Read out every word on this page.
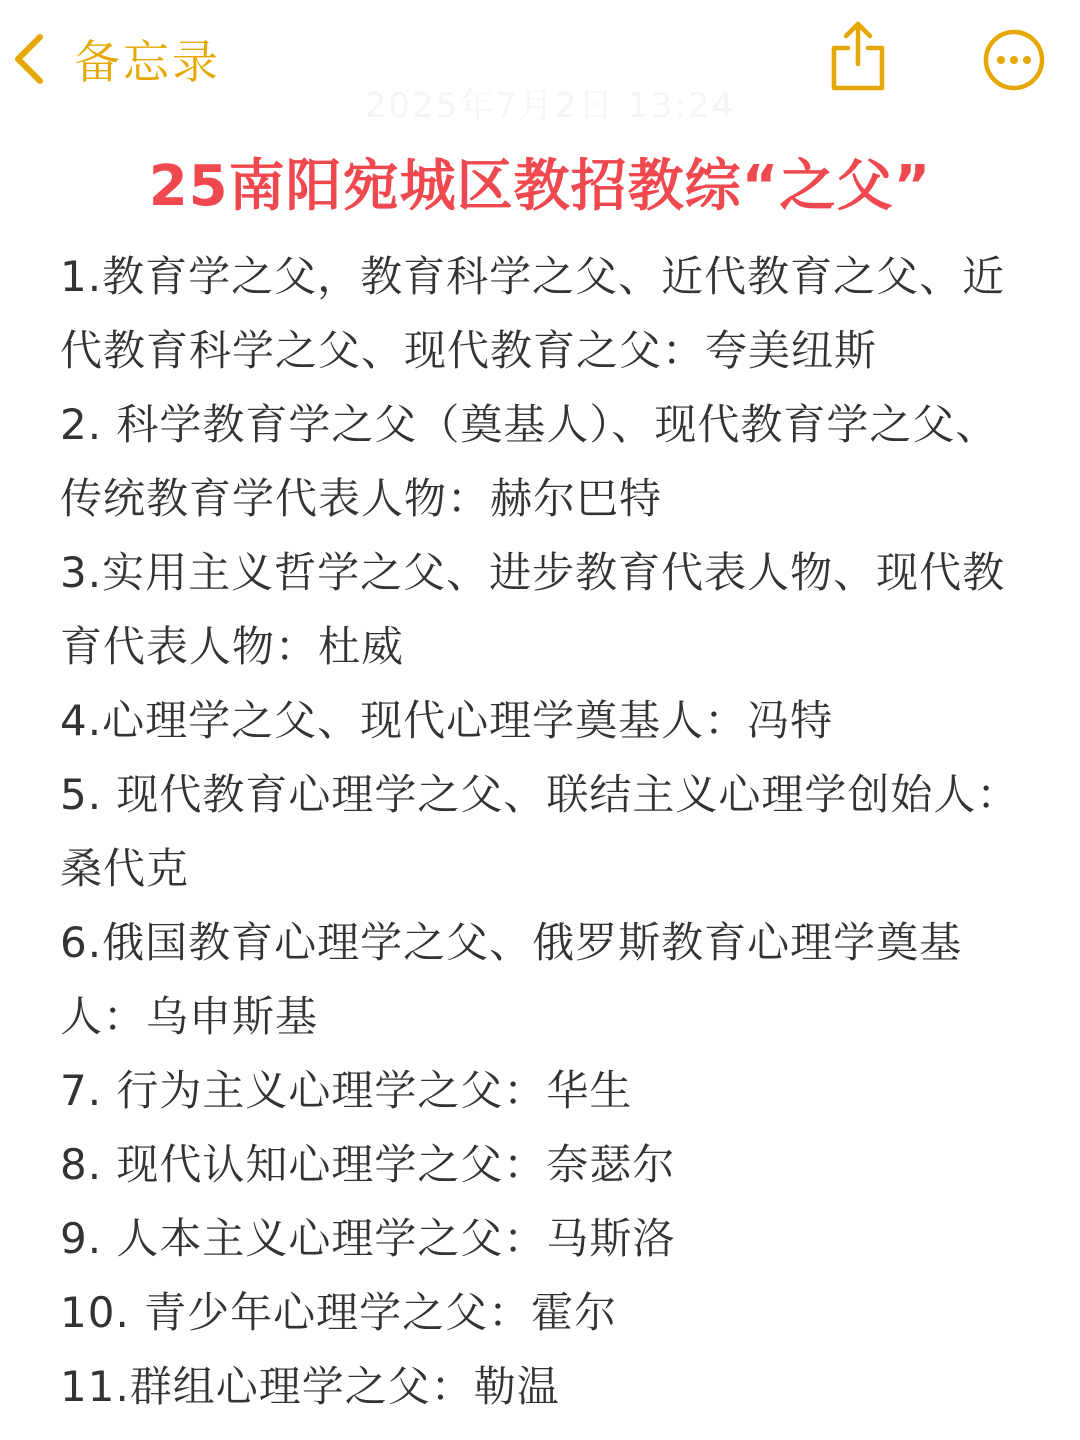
备忘录
2025年7月2日 13:24
25南阳宛城区教招教综“之父”
1.教育学之父，教育科学之父、近代教育之父、近代教育科学之父、现代教育之父：夸美纽斯
2. 科学教育学之父（奠基人）、现代教育学之父、传统教育学代表人物：赫尔巴特
3.实用主义哲学之父、进步教育代表人物、现代教育代表人物：杜威
4.心理学之父、现代心理学奠基人：冯特
5. 现代教育心理学之父、联结主义心理学创始人：桑代克
6.俄国教育心理学之父、俄罗斯教育心理学奠基人：乌申斯基
7. 行为主义心理学之父：华生
8. 现代认知心理学之父：奈瑟尔
9. 人本主义心理学之父：马斯洛
10. 青少年心理学之父：霍尔
11.群组心理学之父：勒温
